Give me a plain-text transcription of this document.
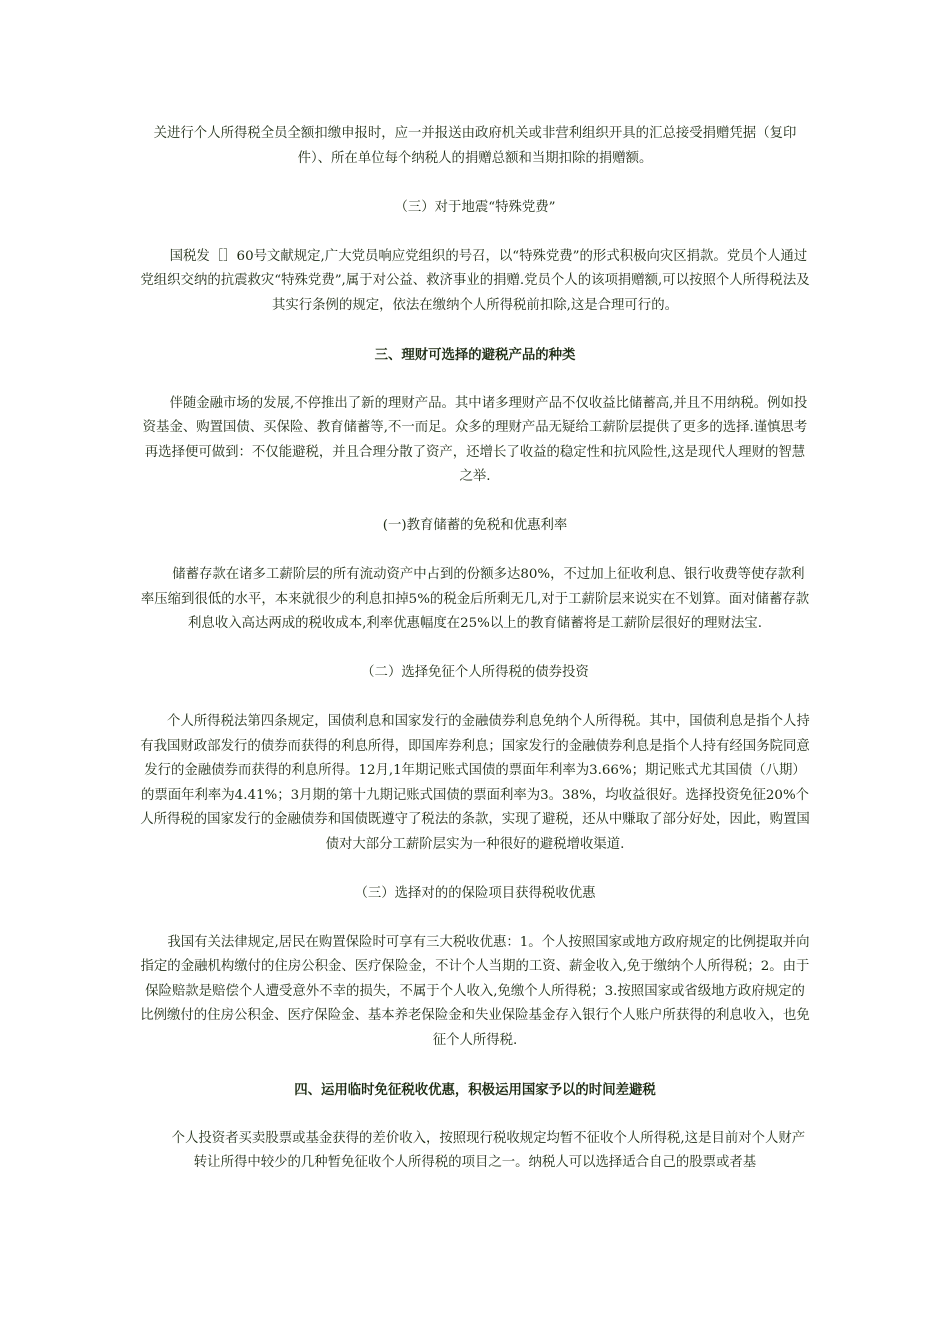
关进行个人所得税全员全额扣缴申报时，应一并报送由政府机关或非营利组织开具的汇总接受捐赠凭据（复印件）、所在单位每个纳税人的捐赠总额和当期扣除的捐赠额。

（三）对于地震“特殊党费”

国税发［］60号文献规定,广大党员响应党组织的号召，以“特殊党费”的形式积极向灾区捐款。党员个人通过党组织交纳的抗震救灾“特殊党费”,属于对公益、救济事业的捐赠.党员个人的该项捐赠额,可以按照个人所得税法及其实行条例的规定，依法在缴纳个人所得税前扣除,这是合理可行的。

三、理财可选择的避税产品的种类

伴随金融市场的发展,不停推出了新的理财产品。其中诸多理财产品不仅收益比储蓄高,并且不用纳税。例如投资基金、购置国债、买保险、教育储蓄等,不一而足。众多的理财产品无疑给工薪阶层提供了更多的选择.谨慎思考再选择便可做到：不仅能避税，并且合理分散了资产，还增长了收益的稳定性和抗风险性,这是现代人理财的智慧之举.

(一)教育储蓄的免税和优惠利率

储蓄存款在诸多工薪阶层的所有流动资产中占到的份额多达80%，不过加上征收利息、银行收费等使存款利率压缩到很低的水平，本来就很少的利息扣掉5%的税金后所剩无几,对于工薪阶层来说实在不划算。面对储蓄存款利息收入高达两成的税收成本,利率优惠幅度在25%以上的教育储蓄将是工薪阶层很好的理财法宝.

（二）选择免征个人所得税的债券投资

个人所得税法第四条规定，国债利息和国家发行的金融债券利息免纳个人所得税。其中，国债利息是指个人持有我国财政部发行的债券而获得的利息所得，即国库券利息；国家发行的金融债券利息是指个人持有经国务院同意发行的金融债券而获得的利息所得。12月,1年期记账式国债的票面年利率为3.66%；期记账式尤其国债（八期）的票面年利率为4.41%；3月期的第十九期记账式国债的票面利率为3。38%，均收益很好。选择投资免征20%个人所得税的国家发行的金融债券和国债既遵守了税法的条款，实现了避税，还从中赚取了部分好处，因此，购置国债对大部分工薪阶层实为一种很好的避税增收渠道.

（三）选择对的的保险项目获得税收优惠

我国有关法律规定,居民在购置保险时可享有三大税收优惠：1。个人按照国家或地方政府规定的比例提取并向指定的金融机构缴付的住房公积金、医疗保险金，不计个人当期的工资、薪金收入,免于缴纳个人所得税；2。由于保险赔款是赔偿个人遭受意外不幸的损失，不属于个人收入,免缴个人所得税；3.按照国家或省级地方政府规定的比例缴付的住房公积金、医疗保险金、基本养老保险金和失业保险基金存入银行个人账户所获得的利息收入，也免征个人所得税.

四、运用临时免征税收优惠，积极运用国家予以的时间差避税

个人投资者买卖股票或基金获得的差价收入，按照现行税收规定均暂不征收个人所得税,这是目前对个人财产转让所得中较少的几种暂免征收个人所得税的项目之一。纳税人可以选择适合自己的股票或者基
